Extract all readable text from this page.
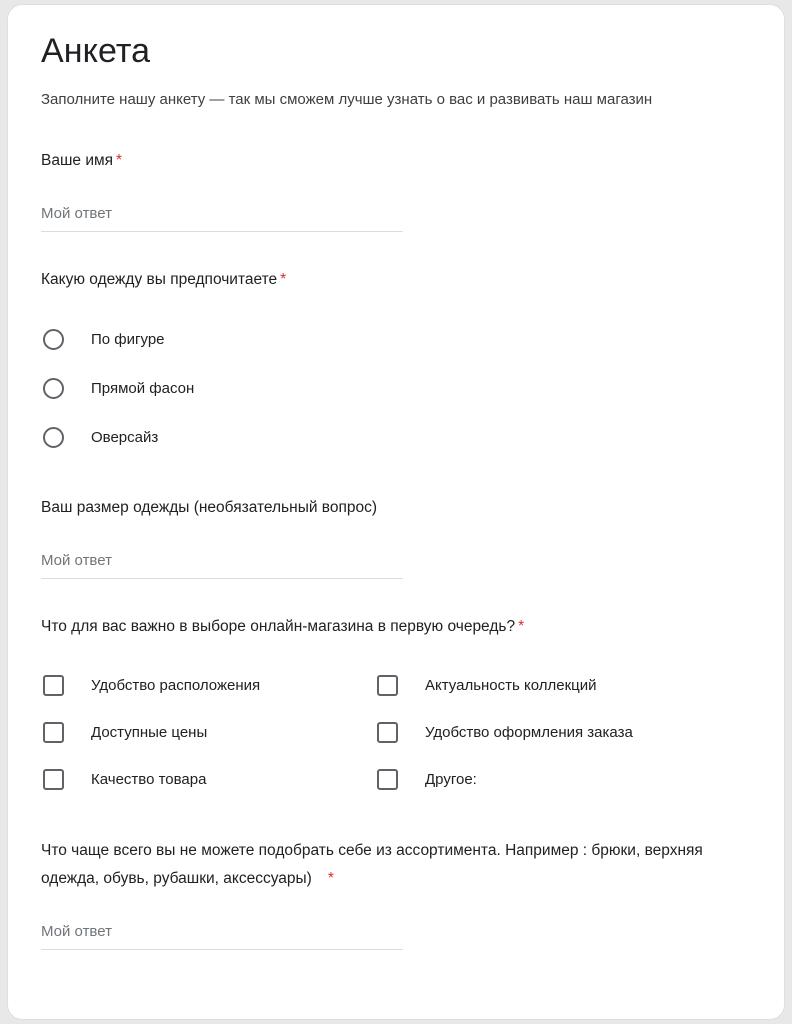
Анкета

Заполните нашу анкету — так мы сможем лучше узнать о вас и развивать наш магазин

Ваше имя *
Мой ответ
Какую одежду вы предпочитаете *
По фигуре
Прямой фасон
Оверсайз
Ваш размер одежды (необязательный вопрос)
Мой ответ
Что для вас важно в выборе онлайн-магазина в первую очередь? *
Удобство расположения	Актуальность коллекций
Доступные цены	Удобство оформления заказа
Качество товара	Другое:
Что чаще всего вы не можете подобрать себе из ассортимента. Например : брюки, верхняя одежда, обувь, рубашки, аксессуары) *
Мой ответ
